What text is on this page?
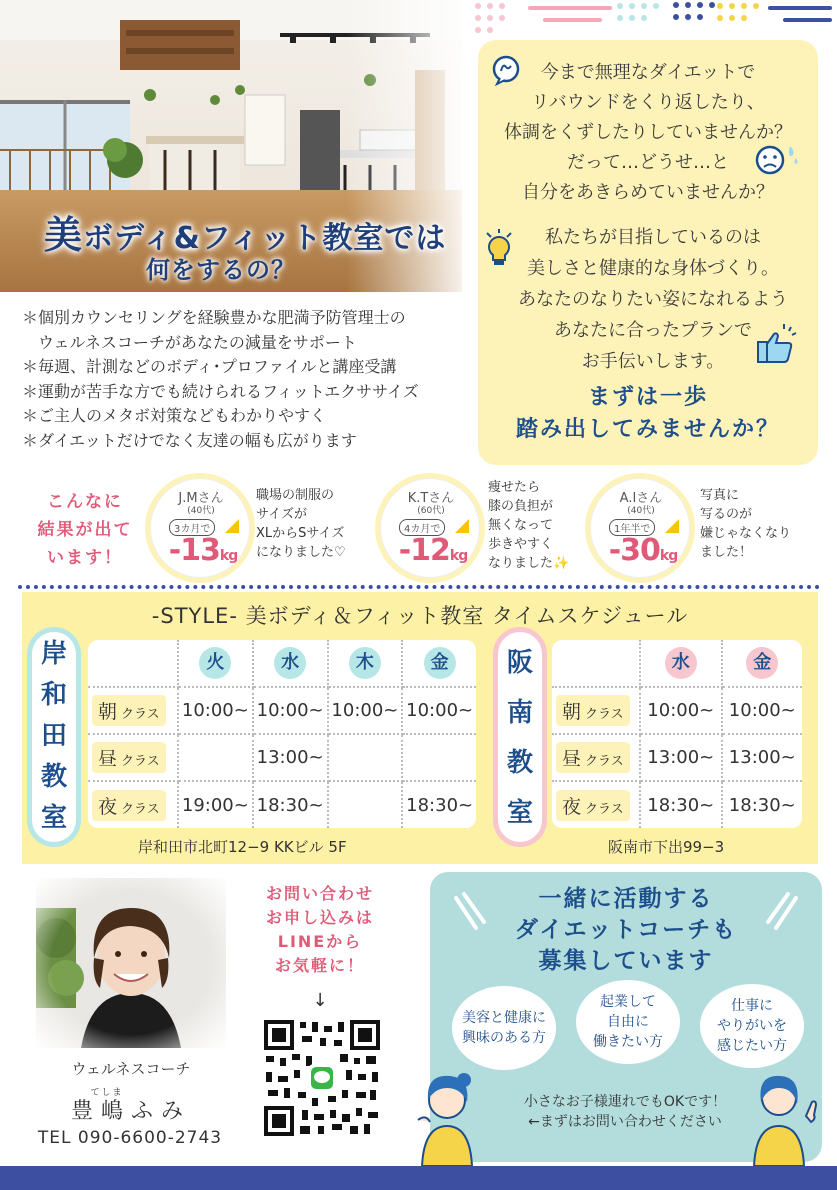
美ボディ&フィット教室では
何をするの？
今まで無理なダイエットで
リバウンドをくり返したり、
体調をくずしたりしていませんか？
だって…どうせ…と
自分をあきらめていませんか？
私たちが目指しているのは
美しさと健康的な身体づくり。
あなたのなりたい姿になれるよう
あなたに合ったプランで
お手伝いします。
まずは一歩
踏み出してみませんか？
＊個別カウンセリングを経験豊かな肥満予防管理士の
　ウェルネスコーチがあなたの減量をサポート
＊毎週、計測などのボディ･プロファイルと講座受講
＊運動が苦手な方でも続けられるフィットエクササイズ
＊ご主人のメタボ対策などもわかりやすく
＊ダイエットだけでなく友達の幅も広がります
こんなに
結果が出て
います！
J.Mさん
(40代)
3カ月で
-13kg
職場の制服の
サイズが
XLからSサイズ
になりました♡
K.Tさん
(60代)
4カ月で
-12kg
痩せたら
膝の負担が
無くなって
歩きやすく
なりました✨
A.Iさん
(40代)
1年半で
-30kg
写真に
写るのが
嫌じゃなくなり
ました！
-STYLE- 美ボディ＆フィット教室 タイムスケジュール
岸
和
田
教
室
	火	水	木	金
朝 クラス	10:00~	10:00~	10:00~	10:00~
昼 クラス		13:00~		
夜 クラス	19:00~	18:30~		18:30~
岸和田市北町12−9 KKビル 5F
阪
南
教
室
	水	金
朝 クラス	10:00~	10:00~
昼 クラス	13:00~	13:00~
夜 クラス	18:30~	18:30~
阪南市下出99−3
ウェルネスコーチ
てしま
豊嶋ふみ
TEL 090-6600-2743
お問い合わせ
お申し込みは
LINEから
お気軽に！
↓
一緒に活動する
ダイエットコーチも
募集しています
美容と健康に
興味のある方
起業して
自由に
働きたい方
仕事に
やりがいを
感じたい方
小さなお子様連れでもOKです！
←まずはお問い合わせください
